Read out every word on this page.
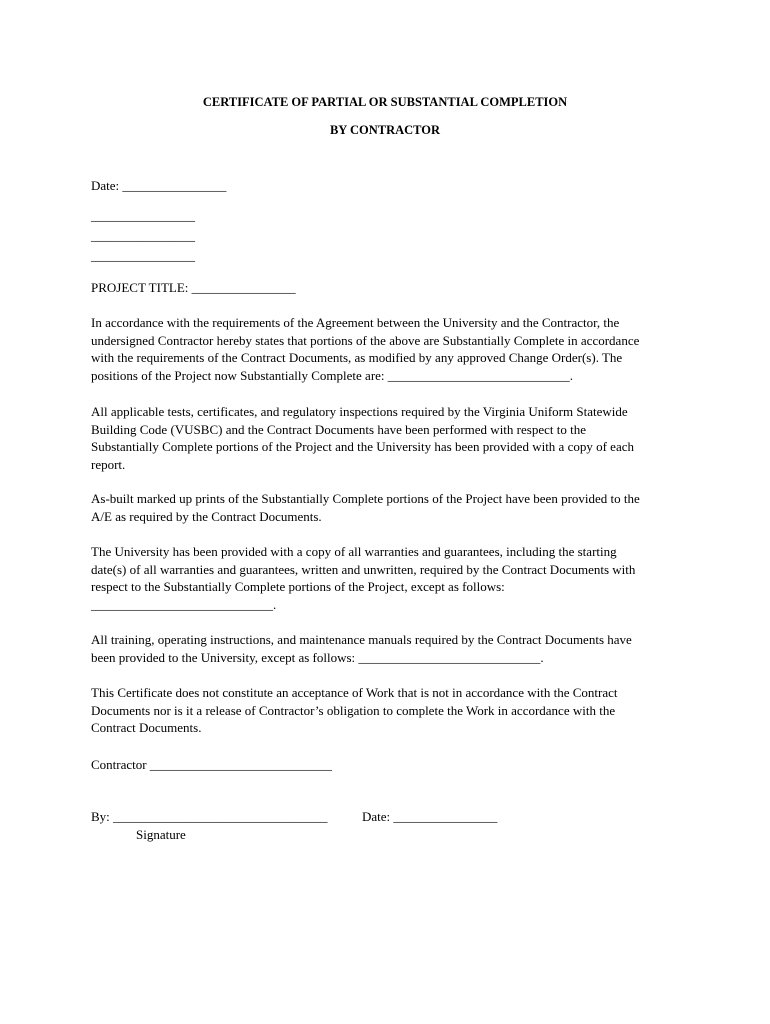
CERTIFICATE OF PARTIAL OR SUBSTANTIAL COMPLETION
BY CONTRACTOR
Date: ________________
________________
________________
________________
PROJECT TITLE: ________________
In accordance with the requirements of the Agreement between the University and the Contractor, the
undersigned Contractor hereby states that portions of the above are Substantially Complete in accordance
with the requirements of the Contract Documents, as modified by any approved Change Order(s). The
positions of the Project now Substantially Complete are: ____________________________.
All applicable tests, certificates, and regulatory inspections required by the Virginia Uniform Statewide
Building Code (VUSBC) and the Contract Documents have been performed with respect to the
Substantially Complete portions of the Project and the University has been provided with a copy of each
report.
As-built marked up prints of the Substantially Complete portions of the Project have been provided to the
A/E as required by the Contract Documents.
The University has been provided with a copy of all warranties and guarantees, including the starting
date(s) of all warranties and guarantees, written and unwritten, required by the Contract Documents with
respect to the Substantially Complete portions of the Project, except as follows:
____________________________.
All training, operating instructions, and maintenance manuals required by the Contract Documents have
been provided to the University, except as follows: ____________________________.
This Certificate does not constitute an acceptance of Work that is not in accordance with the Contract
Documents nor is it a release of Contractor’s obligation to complete the Work in accordance with the
Contract Documents.
Contractor ____________________________
By: _________________________________	Date: ________________
Signature
